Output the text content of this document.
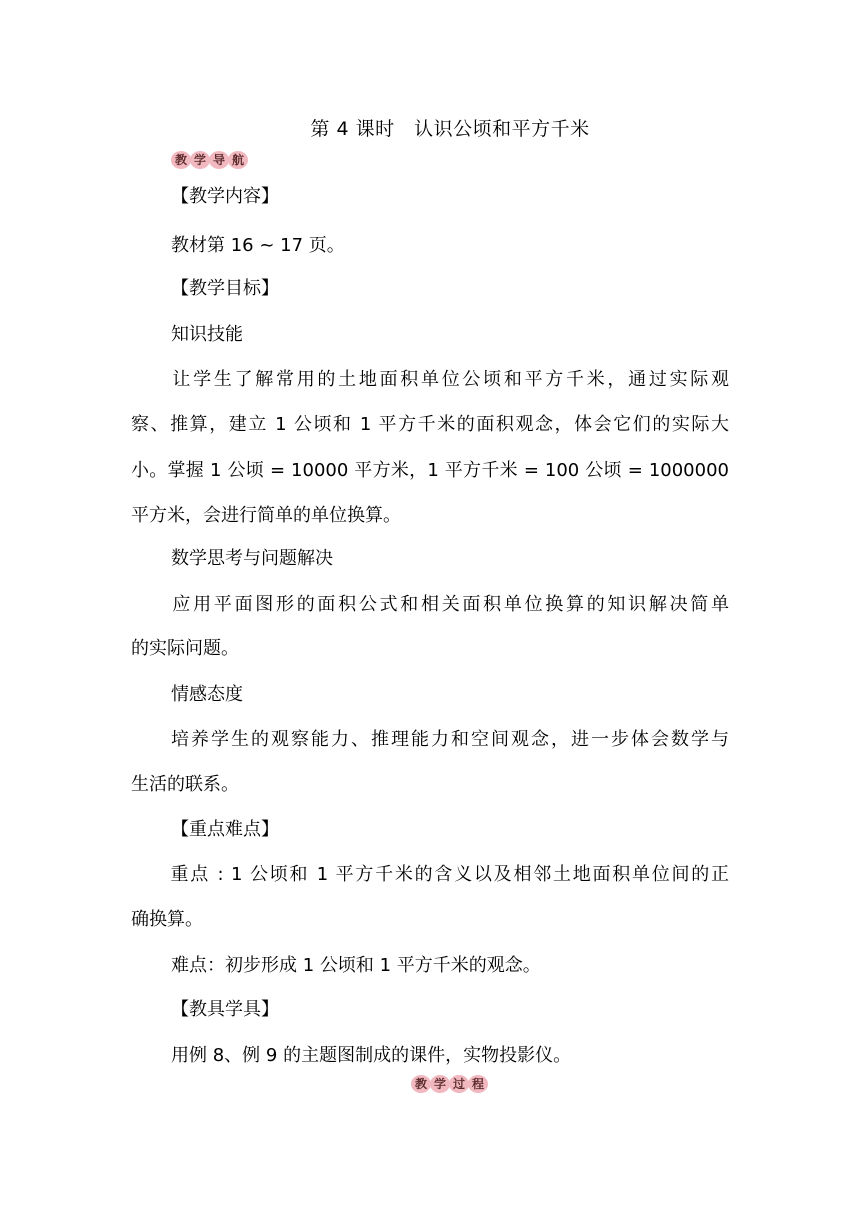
第 4 课时　认识公顷和平方千米
教 学 导 航
【教学内容】
教材第 16 ~ 17 页。
【教学目标】
知识技能
　　让学生了解常用的土地面积单位公顷和平方千米，通过实际观
察、推算，建立 1 公顷和 1 平方千米的面积观念，体会它们的实际大
小。掌握 1 公顷 = 10000 平方米，1 平方千米 = 100 公顷 = 1000000
平方米，会进行简单的单位换算。
数学思考与问题解决
　　应用平面图形的面积公式和相关面积单位换算的知识解决简单
的实际问题。
情感态度
　　培养学生的观察能力、推理能力和空间观念，进一步体会数学与
生活的联系。
【重点难点】
　　重点 : 1 公顷和 1 平方千米的含义以及相邻土地面积单位间的正
确换算。
难点：初步形成 1 公顷和 1 平方千米的观念。
【教具学具】
用例 8、例 9 的主题图制成的课件，实物投影仪。
教 学 过 程
